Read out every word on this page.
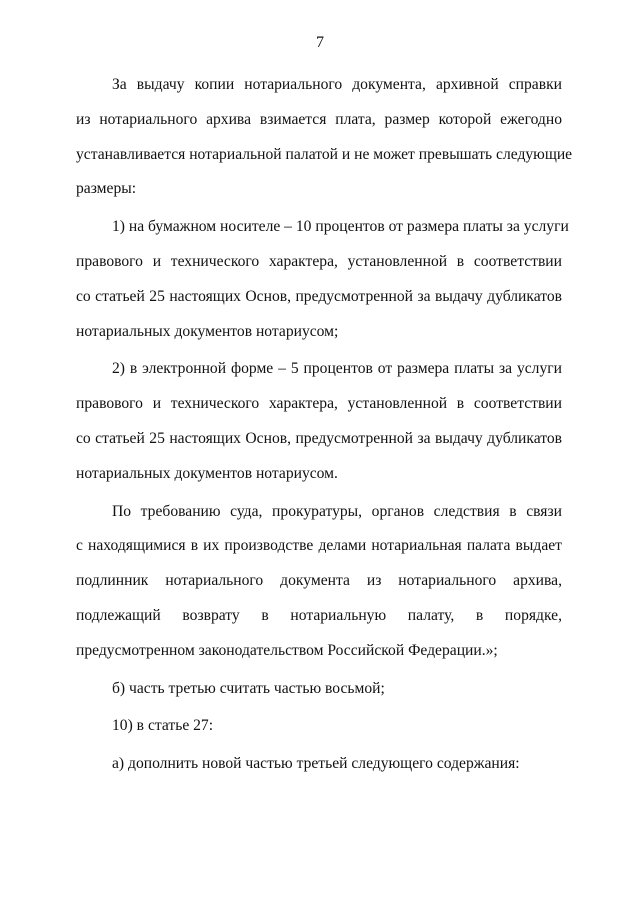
7
За выдачу копии нотариального документа, архивной справки
из нотариального архива взимается плата, размер которой ежегодно
устанавливается нотариальной палатой и не может превышать следующие
размеры:
1) на бумажном носителе – 10 процентов от размера платы за услуги
правового и технического характера, установленной в соответствии
со статьей 25 настоящих Основ, предусмотренной за выдачу дубликатов
нотариальных документов нотариусом;
2) в электронной форме – 5 процентов от размера платы за услуги
правового и технического характера, установленной в соответствии
со статьей 25 настоящих Основ, предусмотренной за выдачу дубликатов
нотариальных документов нотариусом.
По требованию суда, прокуратуры, органов следствия в связи
с находящимися в их производстве делами нотариальная палата выдает
подлинник нотариального документа из нотариального архива,
подлежащий возврату в нотариальную палату, в порядке,
предусмотренном законодательством Российской Федерации.»;
б) часть третью считать частью восьмой;
10) в статье 27:
а) дополнить новой частью третьей следующего содержания:
